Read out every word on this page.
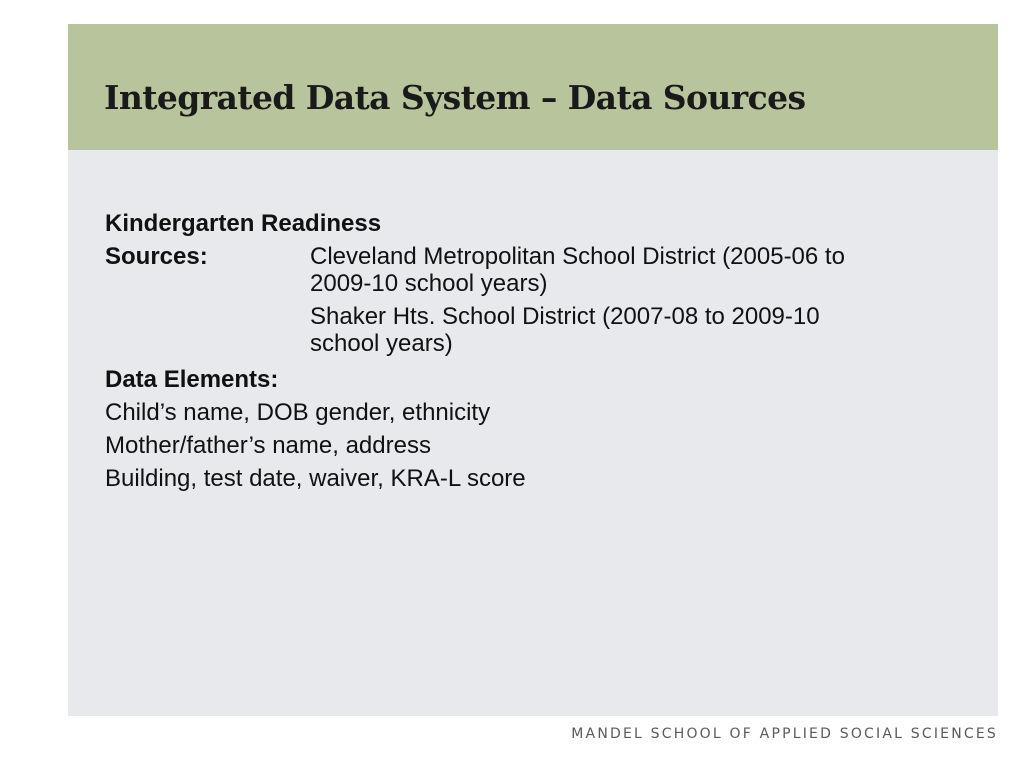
Integrated Data System – Data Sources

Kindergarten Readiness

Sources:	Cleveland Metropolitan School District (2005-06 to 2009-10 school years)
Shaker Hts. School District (2007-08 to 2009-10 school years)

Data Elements:

Child’s name, DOB gender, ethnicity

Mother/father’s name, address

Building, test date, waiver, KRA-L score

MANDEL SCHOOL OF APPLIED SOCIAL SCIENCES
